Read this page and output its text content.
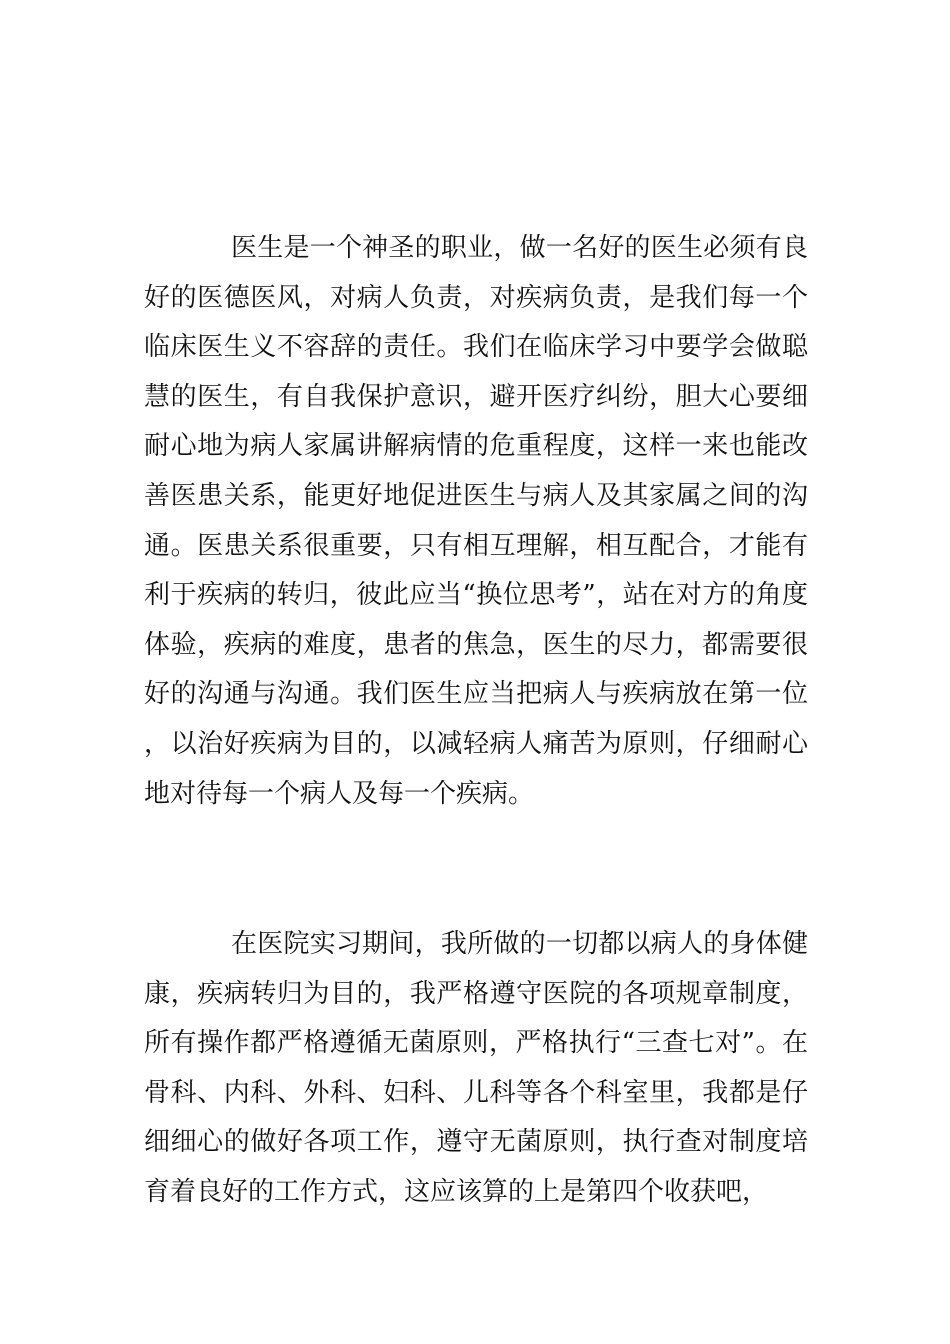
医生是一个神圣的职业，做一名好的医生必须有良好的医德医风，对病人负责，对疾病负责，是我们每一个临床医生义不容辞的责任。我们在临床学习中要学会做聪慧的医生，有自我保护意识，避开医疗纠纷，胆大心要细耐心地为病人家属讲解病情的危重程度，这样一来也能改善医患关系，能更好地促进医生与病人及其家属之间的沟通。医患关系很重要，只有相互理解，相互配合，才能有利于疾病的转归，彼此应当“换位思考”，站在对方的角度体验，疾病的难度，患者的焦急，医生的尽力，都需要很好的沟通与沟通。我们医生应当把病人与疾病放在第一位，以治好疾病为目的，以减轻病人痛苦为原则，仔细耐心地对待每一个病人及每一个疾病。

在医院实习期间，我所做的一切都以病人的身体健康，疾病转归为目的，我严格遵守医院的各项规章制度，所有操作都严格遵循无菌原则，严格执行“三查七对”。在骨科、内科、外科、妇科、儿科等各个科室里，我都是仔细细心的做好各项工作，遵守无菌原则，执行查对制度培育着良好的工作方式，这应该算的上是第四个收获吧，
